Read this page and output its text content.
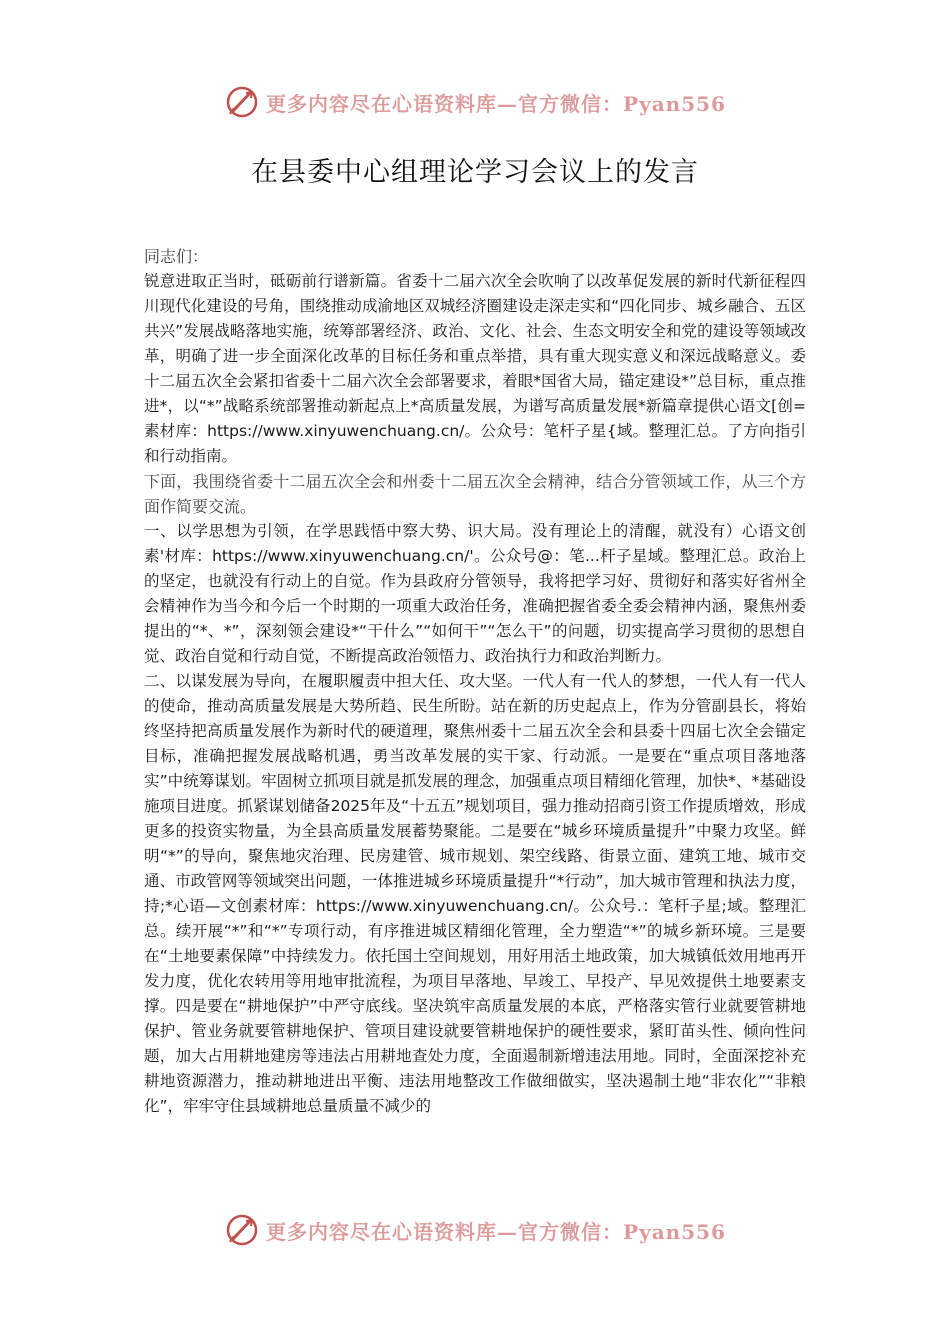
更多内容尽在心语资料库—官方微信：Pyan556
在县委中心组理论学习会议上的发言

同志们：

锐意进取正当时，砥砺前行谱新篇。省委十二届六次全会吹响了以改革促发展的新时代新征程四川现代化建设的号角，围绕推动成渝地区双城经济圈建设走深走实和“四化同步、城乡融合、五区共兴”发展战略落地实施，统筹部署经济、政治、文化、社会、生态文明安全和党的建设等领域改革，明确了进一步全面深化改革的目标任务和重点举措，具有重大现实意义和深远战略意义。委十二届五次全会紧扣省委十二届六次全会部署要求，着眼*国省大局，锚定建设*”总目标，重点推进*，以“*”战略系统部署推动新起点上*高质量发展，为谱写高质量发展*新篇章提供心语文[创=素材库：https://www.xinyuwenchuang.cn/。公众号：笔杆子星{域。整理汇总。了方向指引和行动指南。

下面，我围绕省委十二届五次全会和州委十二届五次全会精神，结合分管领域工作，从三个方面作简要交流。

一、以学思想为引领，在学思践悟中察大势、识大局。没有理论上的清醒，就没有）心语文创素'材库：https://www.xinyuwenchuang.cn/'。公众号@：笔...杆子星域。整理汇总。政治上的坚定，也就没有行动上的自觉。作为县政府分管领导，我将把学习好、贯彻好和落实好省州全会精神作为当今和今后一个时期的一项重大政治任务，准确把握省委全委会精神内涵，聚焦州委提出的“*、*”，深刻领会建设*“干什么”“如何干”“怎么干”的问题，切实提高学习贯彻的思想自觉、政治自觉和行动自觉，不断提高政治领悟力、政治执行力和政治判断力。

二、以谋发展为导向，在履职履责中担大任、攻大坚。一代人有一代人的梦想，一代人有一代人的使命，推动高质量发展是大势所趋、民生所盼。站在新的历史起点上，作为分管副县长，将始终坚持把高质量发展作为新时代的硬道理，聚焦州委十二届五次全会和县委十四届七次全会锚定目标，准确把握发展战略机遇，勇当改革发展的实干家、行动派。一是要在“重点项目落地落实”中统筹谋划。牢固树立抓项目就是抓发展的理念，加强重点项目精细化管理，加快*、*基础设施项目进度。抓紧谋划储备2025年及“十五五”规划项目，强力推动招商引资工作提质增效，形成更多的投资实物量，为全县高质量发展蓄势聚能。二是要在“城乡环境质量提升”中聚力攻坚。鲜明“*”的导向，聚焦地灾治理、民房建管、城市规划、架空线路、街景立面、建筑工地、城市交通、市政管网等领域突出问题，一体推进城乡环境质量提升“*行动”，加大城市管理和执法力度，持;*心语—文创素材库：https://www.xinyuwenchuang.cn/。公众号.：笔杆子星;域。整理汇总。续开展“*”和“*”专项行动，有序推进城区精细化管理，全力塑造“*”的城乡新环境。三是要在“土地要素保障”中持续发力。依托国土空间规划，用好用活土地政策，加大城镇低效用地再开发力度，优化农转用等用地审批流程，为项目早落地、早竣工、早投产、早见效提供土地要素支撑。四是要在“耕地保护”中严守底线。坚决筑牢高质量发展的本底，严格落实管行业就要管耕地保护、管业务就要管耕地保护、管项目建设就要管耕地保护的硬性要求，紧盯苗头性、倾向性问题，加大占用耕地建房等违法占用耕地查处力度，全面遏制新增违法用地。同时，全面深挖补充耕地资源潜力，推动耕地进出平衡、违法用地整改工作做细做实，坚决遏制土地“非农化”“非粮化”，牢牢守住县域耕地总量质量不减少的

更多内容尽在心语资料库—官方微信：Pyan556
